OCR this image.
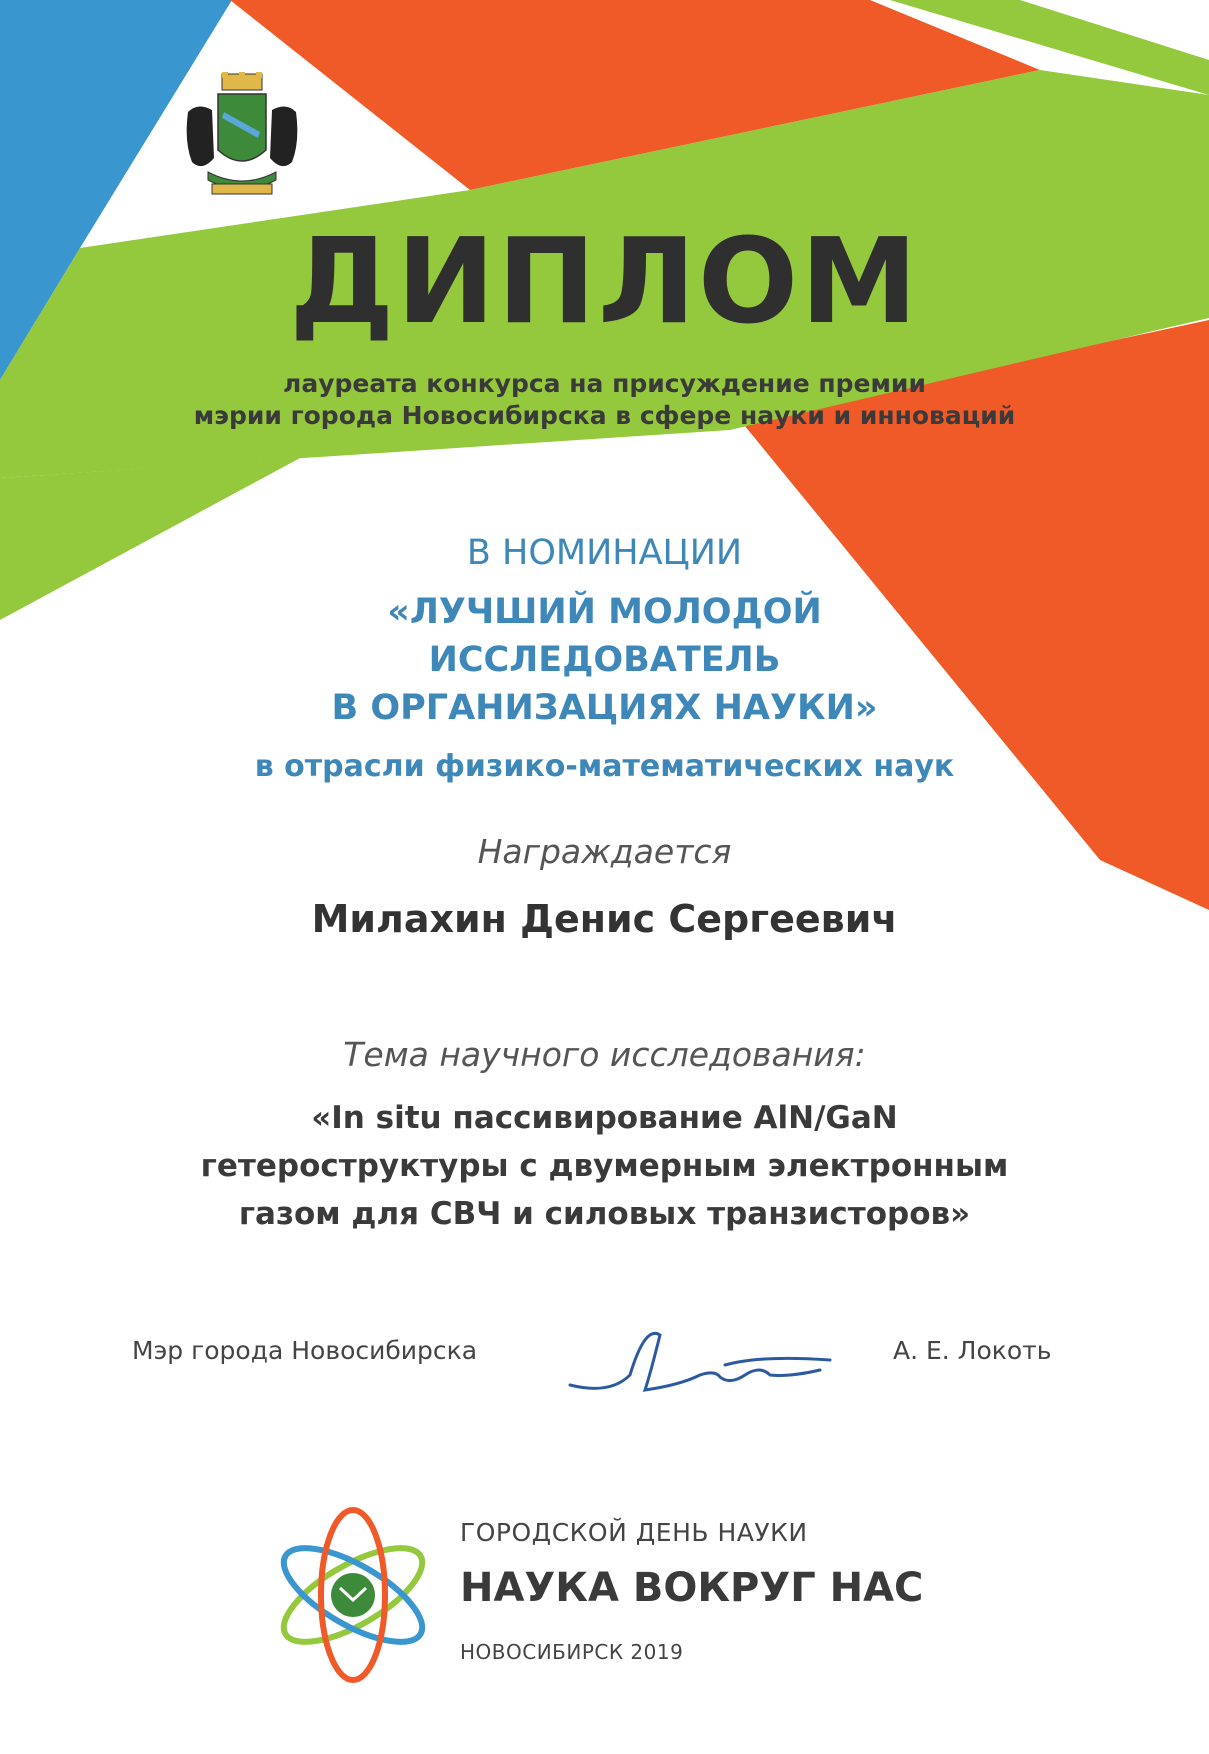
ДИПЛОМ
лауреата конкурса на присуждение премии
мэрии города Новосибирска в сфере науки и инноваций
В НОМИНАЦИИ
«ЛУЧШИЙ МОЛОДОЙ
ИССЛЕДОВАТЕЛЬ
В ОРГАНИЗАЦИЯХ НАУКИ»
в отрасли физико-математических наук
Награждается
Милахин Денис Сергеевич
Тема научного исследования:
«In situ пассивирование AlN/GaN
гетероструктуры с двумерным электронным
газом для СВЧ и силовых транзисторов»
Мэр города Новосибирска	А. Е. Локоть
ГОРОДСКОЙ ДЕНЬ НАУКИ
НАУКА ВОКРУГ НАС
НОВОСИБИРСК 2019
